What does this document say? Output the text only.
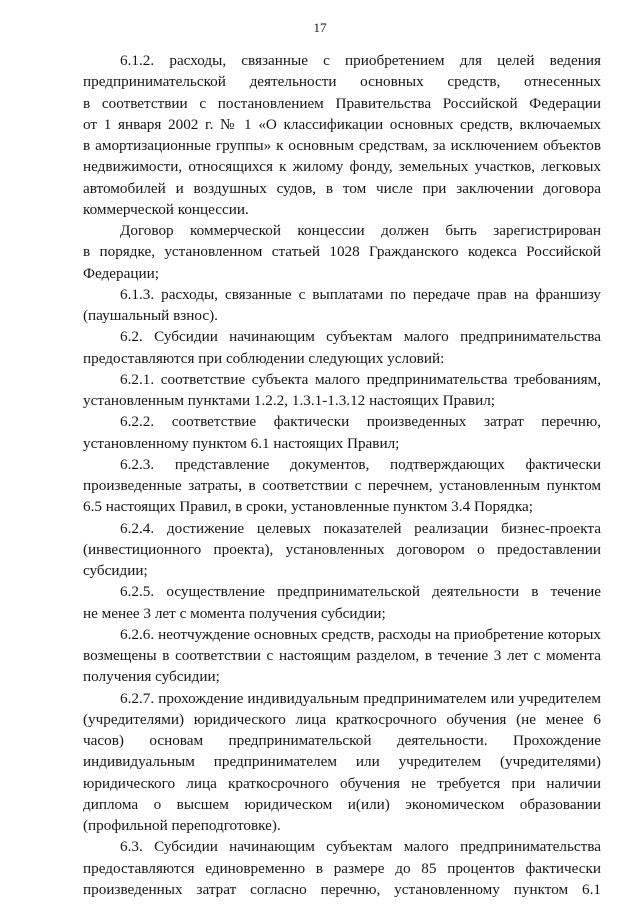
17
6.1.2. расходы, связанные с приобретением для целей ведения
предпринимательской деятельности основных средств, отнесенных
в соответствии с постановлением Правительства Российской Федерации
от 1 января 2002 г. № 1 «О классификации основных средств, включаемых
в амортизационные группы» к основным средствам, за исключением объектов
недвижимости, относящихся к жилому фонду, земельных участков, легковых
автомобилей и воздушных судов, в том числе при заключении договора
коммерческой концессии.
Договор коммерческой концессии должен быть зарегистрирован
в порядке, установленном статьей 1028 Гражданского кодекса Российской
Федерации;
6.1.3. расходы, связанные с выплатами по передаче прав на франшизу
(паушальный взнос).
6.2. Субсидии начинающим субъектам малого предпринимательства
предоставляются при соблюдении следующих условий:
6.2.1. соответствие субъекта малого предпринимательства требованиям,
установленным пунктами 1.2.2, 1.3.1-1.3.12 настоящих Правил;
6.2.2. соответствие фактически произведенных затрат перечню,
установленному пунктом 6.1 настоящих Правил;
6.2.3. представление документов, подтверждающих фактически
произведенные затраты, в соответствии с перечнем, установленным пунктом
6.5 настоящих Правил, в сроки, установленные пунктом 3.4 Порядка;
6.2.4. достижение целевых показателей реализации бизнес-проекта
(инвестиционного проекта), установленных договором о предоставлении
субсидии;
6.2.5. осуществление предпринимательской деятельности в течение
не менее 3 лет с момента получения субсидии;
6.2.6. неотчуждение основных средств, расходы на приобретение которых
возмещены в соответствии с настоящим разделом, в течение 3 лет с момента
получения субсидии;
6.2.7. прохождение индивидуальным предпринимателем или учредителем
(учредителями) юридического лица краткосрочного обучения (не менее 6
часов) основам предпринимательской деятельности. Прохождение
индивидуальным предпринимателем или учредителем (учредителями)
юридического лица краткосрочного обучения не требуется при наличии
диплома о высшем юридическом и(или) экономическом образовании
(профильной переподготовке).
6.3. Субсидии начинающим субъектам малого предпринимательства
предоставляются единовременно в размере до 85 процентов фактически
произведенных затрат согласно перечню, установленному пунктом 6.1
